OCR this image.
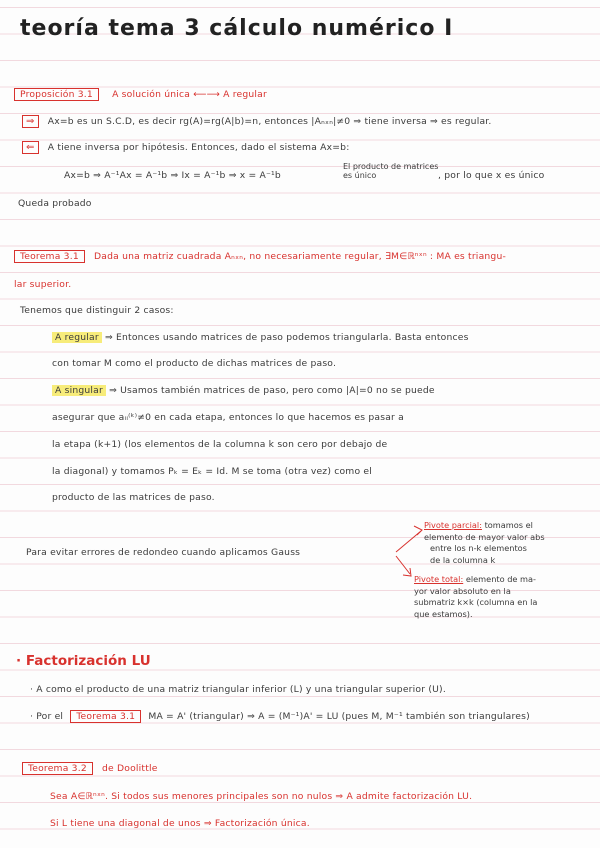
teoría tema 3 cálculo numérico I
Proposición 3.1 A solución única ⟵⟶ A regular
⇒ Ax=b es un S.C.D, es decir rg(A)=rg(A|b)=n, entonces |Aₙₓₙ|≠0 ⇒ tiene inversa ⇒ es regular.
⇐ A tiene inversa por hipótesis. Entonces, dado el sistema Ax=b:
Ax=b ⇒ A⁻¹Ax = A⁻¹b ⇒ Ix = A⁻¹b ⇒ x = A⁻¹b
El producto de matrices es único	, por lo que x es único
Queda probado
Teorema 3.1 Dada una matriz cuadrada Aₙₓₙ, no necesariamente regular, ∃M∈ℝⁿˣⁿ : MA es triangu-
lar superior.
Tenemos que distinguir 2 casos:
A regular ⇒ Entonces usando matrices de paso podemos triangularla. Basta entonces
con tomar M como el producto de dichas matrices de paso.
A singular ⇒ Usamos también matrices de paso, pero como |A|=0 no se puede
asegurar que aᵢᵢ⁽ᵏ⁾≠0 en cada etapa, entonces lo que hacemos es pasar a
la etapa (k+1) (los elementos de la columna k son cero por debajo de
la diagonal) y tomamos Pₖ = Eₖ = Id. M se toma (otra vez) como el
producto de las matrices de paso.
Para evitar errores de redondeo cuando aplicamos Gauss
Pivote parcial: tomamos el
elemento de mayor valor abs
entre los n-k elementos
de la columna k
Pivote total: elemento de ma-
yor valor absoluto en la
submatriz k×k (columna en la
que estamos).
· Factorización LU
· A como el producto de una matriz triangular inferior (L) y una triangular superior (U).
· Por el Teorema 3.1 MA = A' (triangular) ⇒ A = (M⁻¹)A' = LU (pues M, M⁻¹ también son triangulares)
Teorema 3.2 de Doolittle
Sea A∈ℝⁿˣⁿ. Si todos sus menores principales son no nulos ⇒ A admite factorización LU.
Si L tiene una diagonal de unos ⇒ Factorización única.
